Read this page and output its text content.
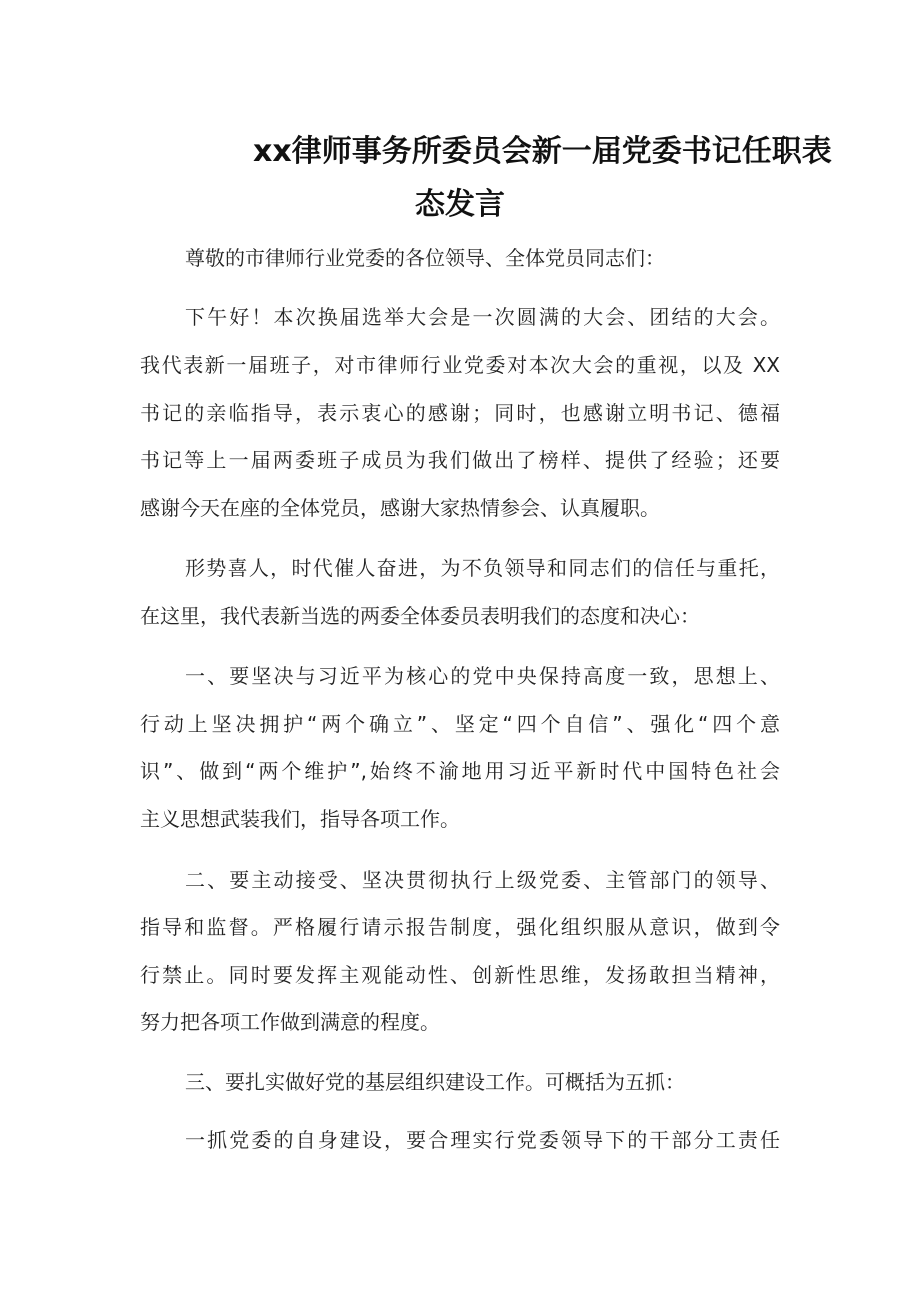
xx律师事务所委员会新一届党委书记任职表
态发言
尊敬的市律师行业党委的各位领导、全体党员同志们：
下午好！本次换届选举大会是一次圆满的大会、团结的大会。
我代表新一届班子，对市律师行业党委对本次大会的重视，以及 XX
书记的亲临指导，表示衷心的感谢；同时，也感谢立明书记、德福
书记等上一届两委班子成员为我们做出了榜样、提供了经验；还要
感谢今天在座的全体党员，感谢大家热情参会、认真履职。
形势喜人，时代催人奋进，为不负领导和同志们的信任与重托，
在这里，我代表新当选的两委全体委员表明我们的态度和决心：
一、要坚决与习近平为核心的党中央保持高度一致，思想上、
行动上坚决拥护“两个确立”、坚定“四个自信”、强化“四个意
识”、做到“两个维护”,始终不渝地用习近平新时代中国特色社会
主义思想武装我们，指导各项工作。
二、要主动接受、坚决贯彻执行上级党委、主管部门的领导、
指导和监督。严格履行请示报告制度，强化组织服从意识，做到令
行禁止。同时要发挥主观能动性、创新性思维，发扬敢担当精神，
努力把各项工作做到满意的程度。
三、要扎实做好党的基层组织建设工作。可概括为五抓：
一抓党委的自身建设，要合理实行党委领导下的干部分工责任
